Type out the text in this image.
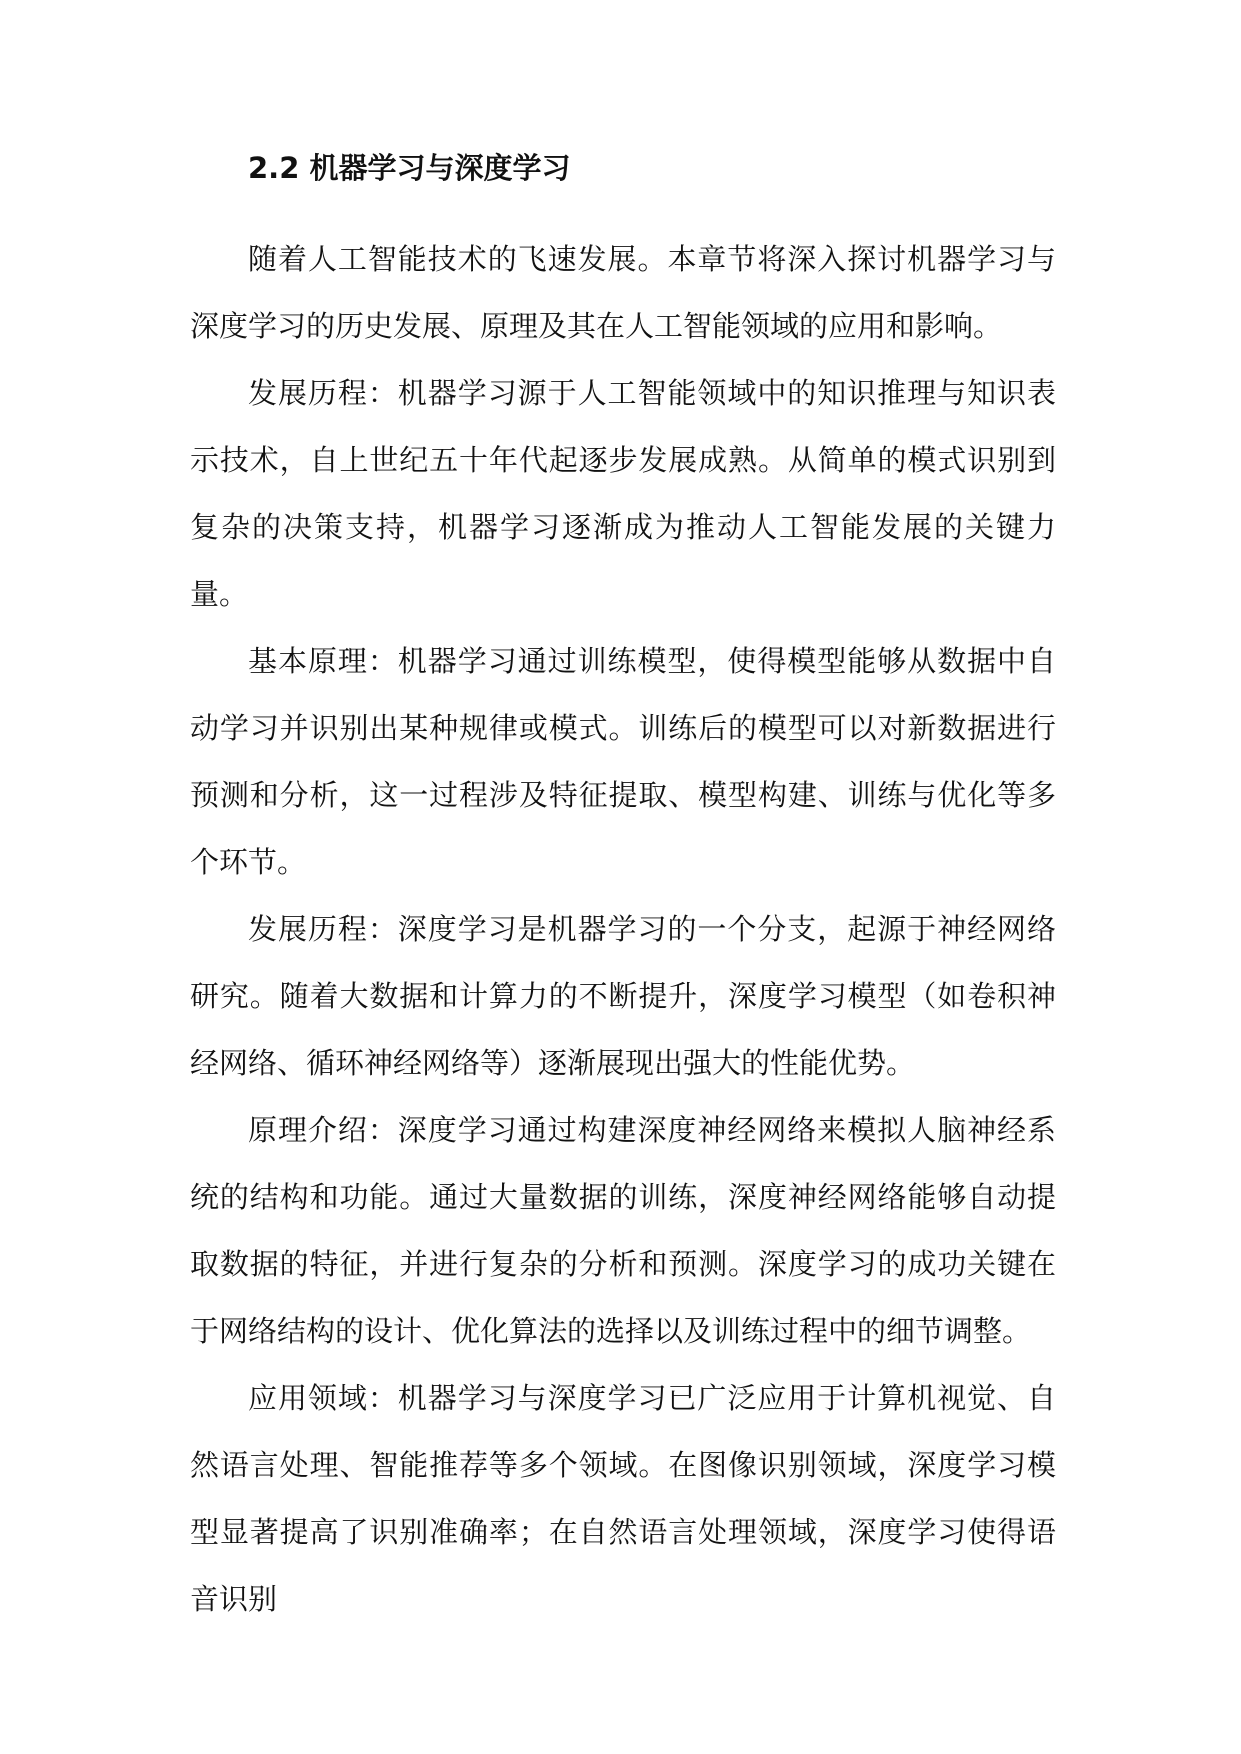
2.2 机器学习与深度学习

随着人工智能技术的飞速发展。本章节将深入探讨机器学习与深度学习的历史发展、原理及其在人工智能领域的应用和影响。

发展历程：机器学习源于人工智能领域中的知识推理与知识表示技术，自上世纪五十年代起逐步发展成熟。从简单的模式识别到复杂的决策支持，机器学习逐渐成为推动人工智能发展的关键力量。

基本原理：机器学习通过训练模型，使得模型能够从数据中自动学习并识别出某种规律或模式。训练后的模型可以对新数据进行预测和分析，这一过程涉及特征提取、模型构建、训练与优化等多个环节。

发展历程：深度学习是机器学习的一个分支，起源于神经网络研究。随着大数据和计算力的不断提升，深度学习模型（如卷积神经网络、循环神经网络等）逐渐展现出强大的性能优势。

原理介绍：深度学习通过构建深度神经网络来模拟人脑神经系统的结构和功能。通过大量数据的训练，深度神经网络能够自动提取数据的特征，并进行复杂的分析和预测。深度学习的成功关键在于网络结构的设计、优化算法的选择以及训练过程中的细节调整。

应用领域：机器学习与深度学习已广泛应用于计算机视觉、自然语言处理、智能推荐等多个领域。在图像识别领域，深度学习模型显著提高了识别准确率；在自然语言处理领域，深度学习使得语音识别
